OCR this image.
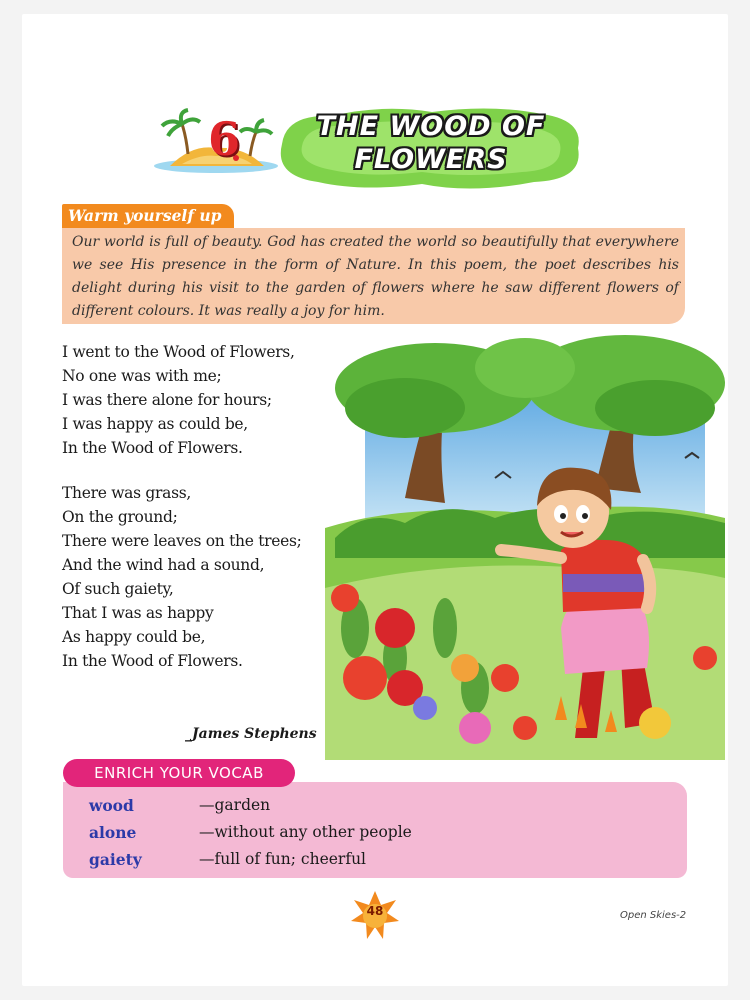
6	THE WOOD OF
FLOWERS
Warm yourself up

Our world is full of beauty. God has created the world so beautifully that everywhere we see His presence in the form of Nature. In this poem, the poet describes his delight during his visit to the garden of flowers where he saw different flowers of different colours. It was really a joy for him.

I went to the Wood of Flowers,
No one was with me;
I was there alone for hours;
I was happy as could be,
In the Wood of Flowers.
There was grass,
On the ground;
There were leaves on the trees;
And the wind had a sound,
Of such gaiety,
That I was as happy
As happy could be,
In the Wood of Flowers.
_James Stephens
wood	—garden
alone	—without any other people
gaiety	—full of fun; cheerful
ENRICH YOUR VOCAB
48	Open Skies-2
